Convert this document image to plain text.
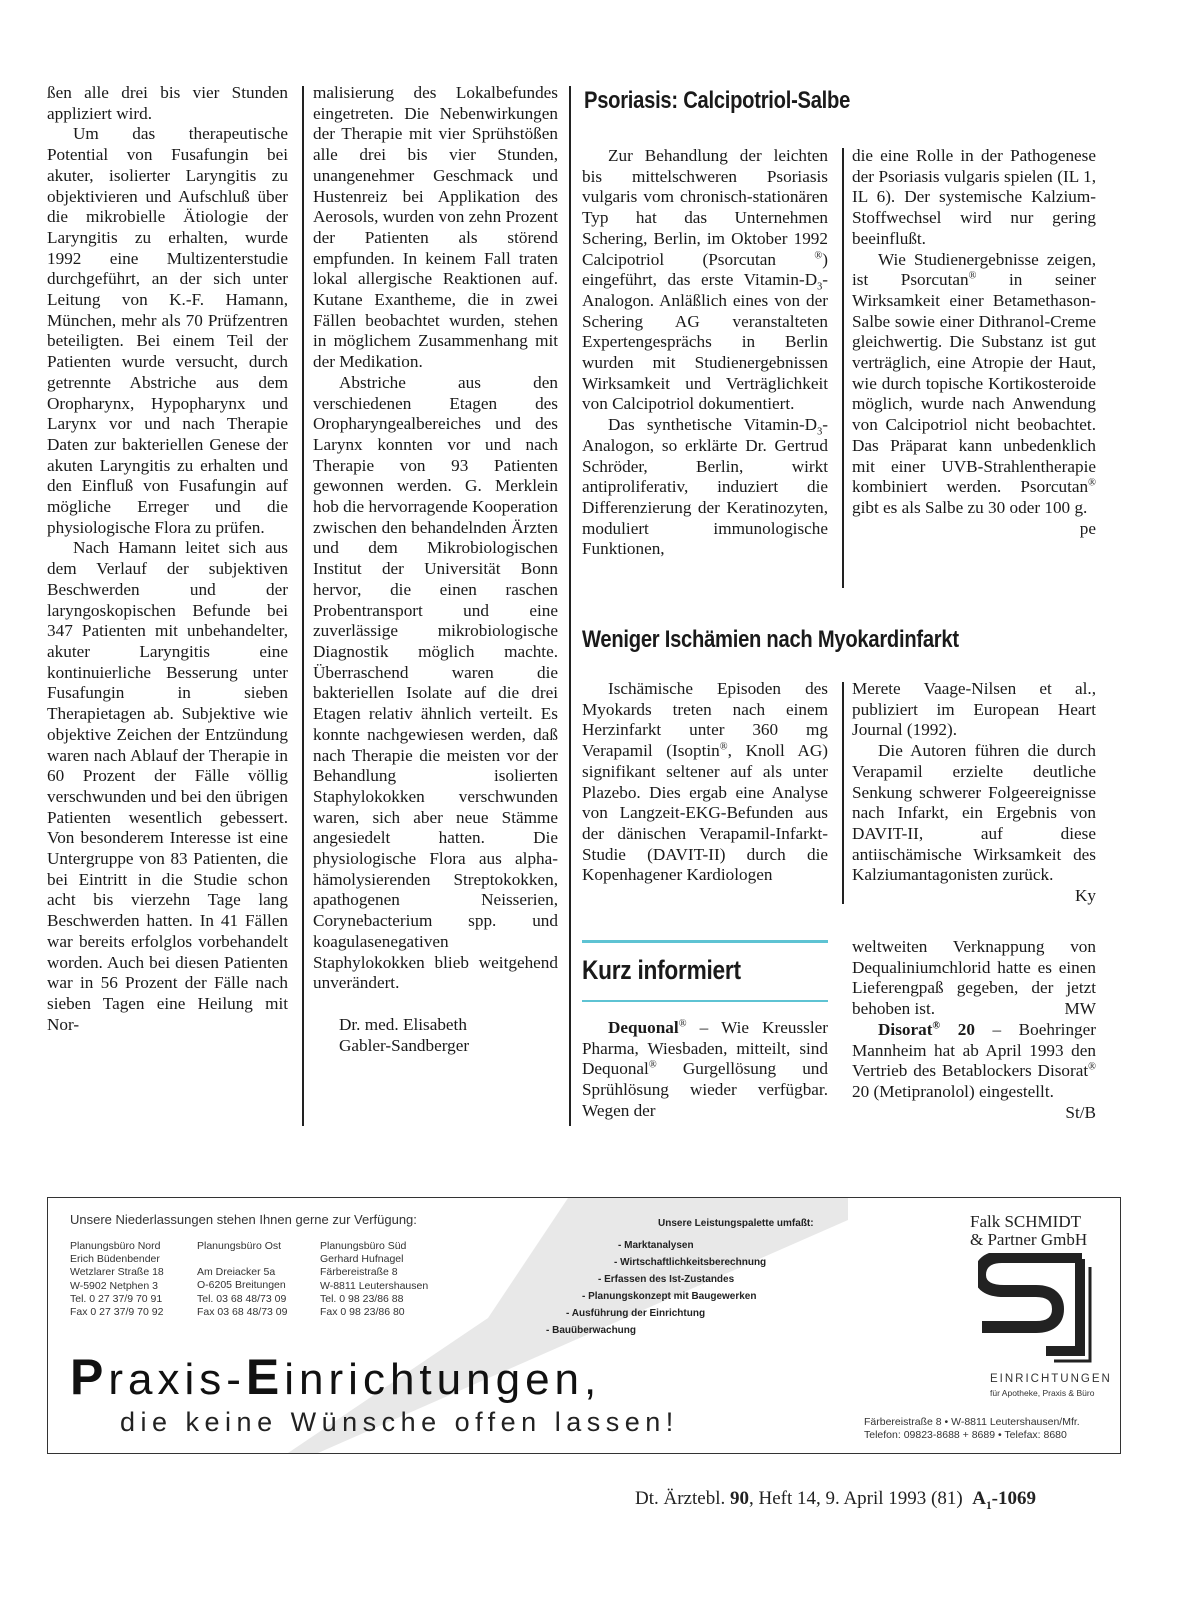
ßen alle drei bis vier Stunden appliziert wird.

Um das therapeutische Potential von Fusafungin bei akuter, isolierter Laryngitis zu objektivieren und Aufschluß über die mikrobielle Ätiologie der Laryngitis zu erhalten, wurde 1992 eine Multizenterstudie durchgeführt, an der sich unter Leitung von K.-F. Hamann, München, mehr als 70 Prüfzentren beteiligten. Bei einem Teil der Patienten wurde versucht, durch getrennte Abstriche aus dem Oropharynx, Hypopharynx und Larynx vor und nach Therapie Daten zur bakteriellen Genese der akuten Laryngitis zu erhalten und den Einfluß von Fusafungin auf mögliche Erreger und die physiologische Flora zu prüfen.

Nach Hamann leitet sich aus dem Verlauf der subjektiven Beschwerden und der laryngoskopischen Befunde bei 347 Patienten mit unbehandelter, akuter Laryngitis eine kontinuierliche Besserung unter Fusafungin in sieben Therapietagen ab. Subjektive wie objektive Zeichen der Entzündung waren nach Ablauf der Therapie in 60 Prozent der Fälle völlig verschwunden und bei den übrigen Patienten wesentlich gebessert. Von besonderem Interesse ist eine Untergruppe von 83 Patienten, die bei Eintritt in die Studie schon acht bis vierzehn Tage lang Beschwerden hatten. In 41 Fällen war bereits erfolglos vorbehandelt worden. Auch bei diesen Patienten war in 56 Prozent der Fälle nach sieben Tagen eine Heilung mit Nor-

malisierung des Lokalbefundes eingetreten. Die Nebenwirkungen der Therapie mit vier Sprühstößen alle drei bis vier Stunden, unangenehmer Geschmack und Hustenreiz bei Applikation des Aerosols, wurden von zehn Prozent der Patienten als störend empfunden. In keinem Fall traten lokal allergische Reaktionen auf. Kutane Exantheme, die in zwei Fällen beobachtet wurden, stehen in möglichem Zusammenhang mit der Medikation.

Abstriche aus den verschiedenen Etagen des Oropharyngealbereiches und des Larynx konnten vor und nach Therapie von 93 Patienten gewonnen werden. G. Merklein hob die hervorragende Kooperation zwischen den behandelnden Ärzten und dem Mikrobiologischen Institut der Universität Bonn hervor, die einen raschen Probentransport und eine zuverlässige mikrobiologische Diagnostik möglich machte. Überraschend waren die bakteriellen Isolate auf die drei Etagen relativ ähnlich verteilt. Es konnte nachgewiesen werden, daß nach Therapie die meisten vor der Behandlung isolierten Staphylokokken verschwunden waren, sich aber neue Stämme angesiedelt hatten. Die physiologische Flora aus alpha-hämolysierenden Streptokokken, apathogenen Neisserien, Corynebacterium spp. und koagulasenegativen Staphylokokken blieb weitgehend unverändert.

Dr. med. Elisabeth

Gabler-Sandberger

Psoriasis: Calcipotriol-Salbe

Zur Behandlung der leichten bis mittelschweren Psoriasis vulgaris vom chronisch-stationären Typ hat das Unternehmen Schering, Berlin, im Oktober 1992 Calcipotriol (Psorcutan ®) eingeführt, das erste Vitamin-$D_3$-Analogon. Anläßlich eines von der Schering AG veranstalteten Expertengesprächs in Berlin wurden mit Studienergebnissen Wirksamkeit und Verträglichkeit von Calcipotriol dokumentiert.

Das synthetische Vitamin-$D_3$-Analogon, so erklärte Dr. Gertrud Schröder, Berlin, wirkt antiproliferativ, induziert die Differenzierung der Keratinozyten, moduliert immunologische Funktionen,

die eine Rolle in der Pathogenese der Psoriasis vulgaris spielen (IL 1, IL 6). Der systemische Kalzium-Stoffwechsel wird nur gering beeinflußt.

Wie Studienergebnisse zeigen, ist Psorcutan® in seiner Wirksamkeit einer Betamethason-Salbe sowie einer Dithranol-Creme gleichwertig. Die Substanz ist gut verträglich, eine Atropie der Haut, wie durch topische Kortikosteroide möglich, wurde nach Anwendung von Calcipotriol nicht beobachtet. Das Präparat kann unbedenklich mit einer UVB-Strahlentherapie kombiniert werden. Psorcutan® gibt es als Salbe zu 30 oder 100 g.
pe

Weniger Ischämien nach Myokardinfarkt

Ischämische Episoden des Myokards treten nach einem Herzinfarkt unter 360 mg Verapamil (Isoptin®, Knoll AG) signifikant seltener auf als unter Plazebo. Dies ergab eine Analyse von Langzeit-EKG-Befunden aus der dänischen Verapamil-Infarkt-Studie (DAVIT-II) durch die Kopenhagener Kardiologen

Merete Vaage-Nilsen et al., publiziert im European Heart Journal (1992).

Die Autoren führen die durch Verapamil erzielte deutliche Senkung schwerer Folgeereignisse nach Infarkt, ein Ergebnis von DAVIT-II, auf diese antiischämische Wirksamkeit des Kalziumantagonisten zurück.
Ky

Kurz informiert

Dequonal® – Wie Kreussler Pharma, Wiesbaden, mitteilt, sind Dequonal® Gurgellösung und Sprühlösung wieder verfügbar. Wegen der

weltweiten Verknappung von Dequaliniumchlorid hatte es einen Lieferengpaß gegeben, der jetzt behoben ist.	MW

Disorat® 20 – Boehringer Mannheim hat ab April 1993 den Vertrieb des Betablockers Disorat® 20 (Metipranolol) eingestellt.
St/B

Unsere Niederlassungen stehen Ihnen gerne zur Verfügung:
Planungsbüro Nord
Erich Büdenbender
Wetzlarer Straße 18
W-5902 Netphen 3
Tel. 0 27 37/9 70 91
Fax 0 27 37/9 70 92
Planungsbüro Ost
Am Dreiacker 5a
O-6205 Breitungen
Tel. 03 68 48/73 09
Fax 03 68 48/73 09
Planungsbüro Süd
Gerhard Hufnagel
Färbereistraße 8
W-8811 Leutershausen
Tel. 0 98 23/86 88
Fax 0 98 23/86 80
Unsere Leistungspalette umfaßt:
- Marktanalysen
- Wirtschaftlichkeitsberechnung
- Erfassen des Ist-Zustandes
- Planungskonzept mit Baugewerken
- Ausführung der Einrichtung
- Bauüberwachung
Praxis-Einrichtungen,
die keine Wünsche offen lassen!
Falk SCHMIDT
& Partner GmbH
EINRICHTUNGEN
für Apotheke, Praxis & Büro
Färbereistraße 8 • W-8811 Leutershausen/Mfr.
Telefon: 09823-8688 + 8689 • Telefax: 8680
Dt. Ärztebl. 90, Heft 14, 9. April 1993 (81)  $A_1-1069$
